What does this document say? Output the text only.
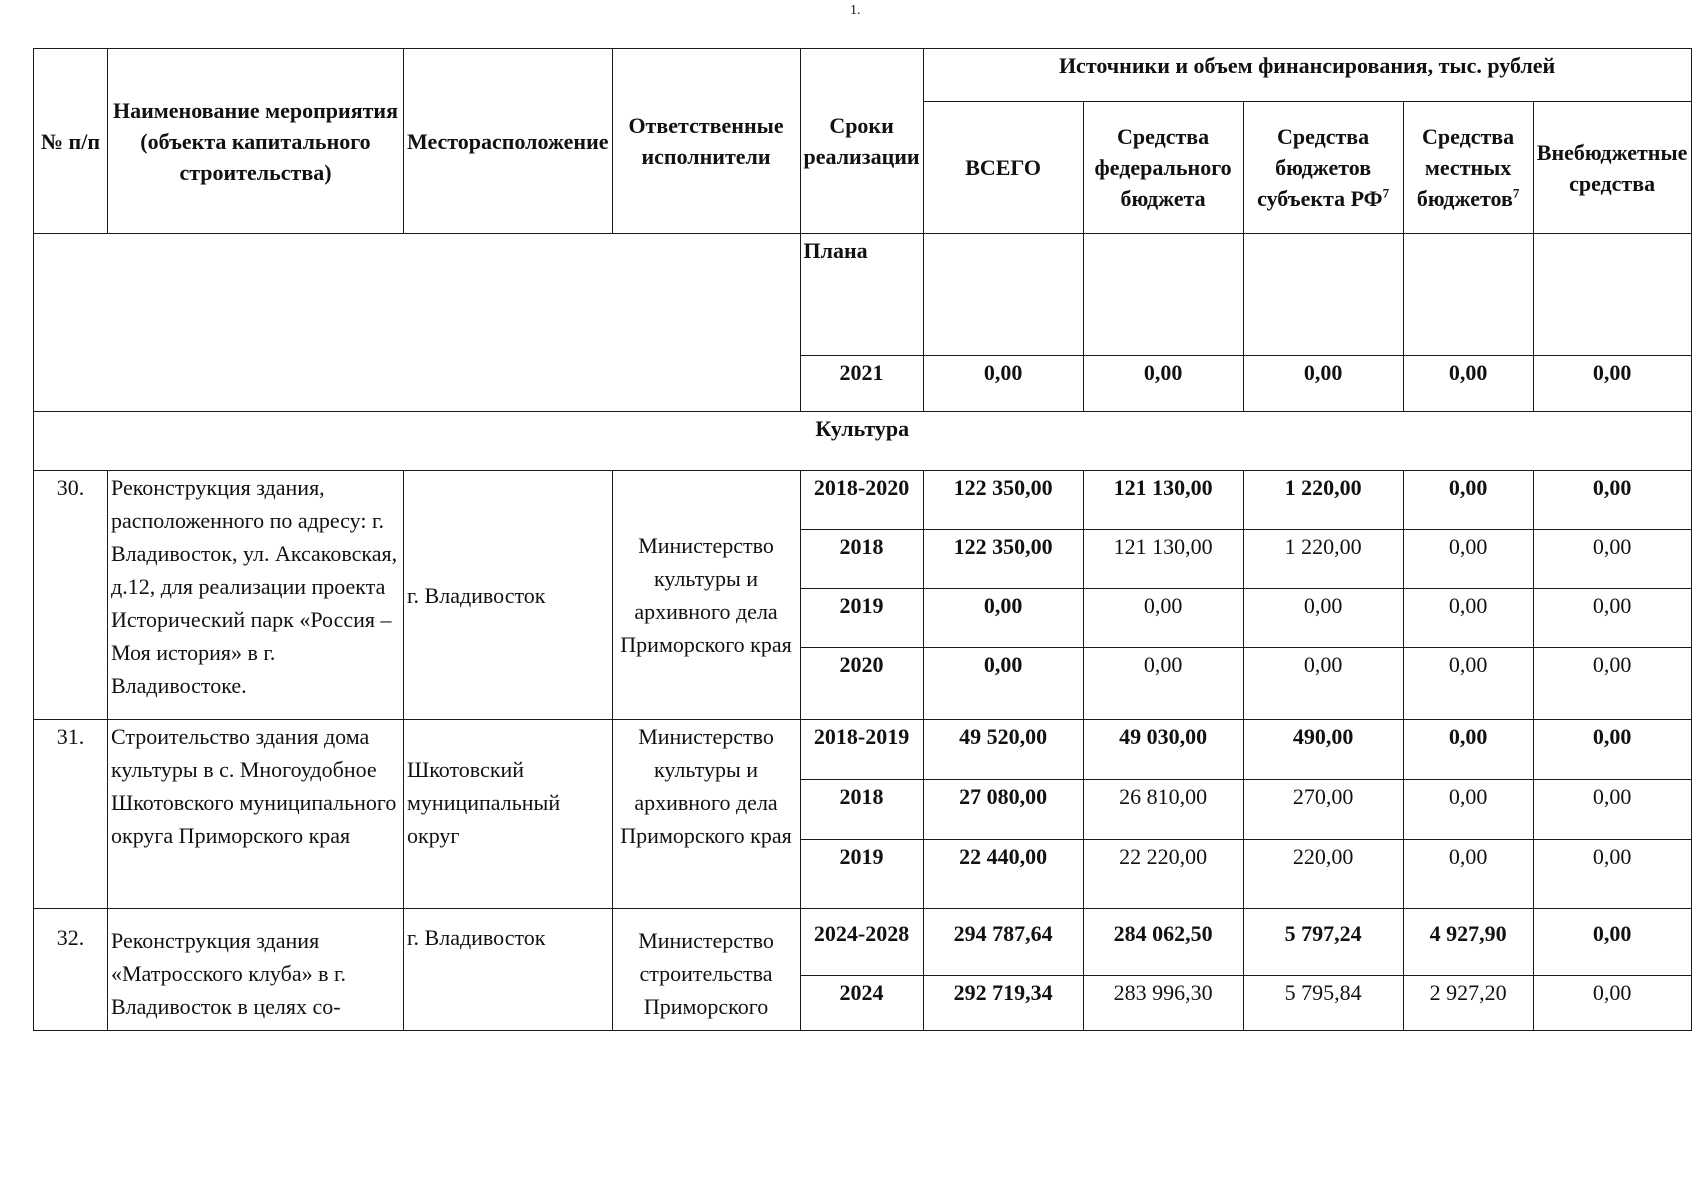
1.
№ п/п	Наименование мероприятия (объекта капитального строительства)	Месторасположение	Ответственные исполнители	Сроки реализации	Источники и объем финансирования, тыс. рублей				
					ВСЕГО	Средства федерального бюджета	Средства бюджетов субъекта $РФ^7$	Средства местных бюджетов$^7$	Внебюджетные средства
				Плана					
				2021	0,00	0,00	0,00	0,00	0,00
Культура									
30.	Реконструкция здания, расположенного по адресу: г. Владивосток, ул. Аксаковская, д.12, для реализации проекта Исторический парк «Россия – Моя история» в г. Владивостоке.	г. Владивосток	Министерство культуры и архивного дела Приморского края	2018-2020	122 350,00	121 130,00	1 220,00	0,00	0,00
				2018	122 350,00	121 130,00	1 220,00	0,00	0,00
				2019	0,00	0,00	0,00	0,00	0,00
				2020	0,00	0,00	0,00	0,00	0,00
31.	Строительство здания дома культуры в с. Многоудобное Шкотовского муниципального округа Приморского края	Шкотовский муниципальный округ	Министерство культуры и архивного дела Приморского края	2018-2019	49 520,00	49 030,00	490,00	0,00	0,00
				2018	27 080,00	26 810,00	270,00	0,00	0,00
				2019	22 440,00	22 220,00	220,00	0,00	0,00
32.	Реконструкция здания «Матросского клуба» в г. Владивосток в целях со-	г. Владивосток	Министерство строительства Приморского	2024-2028	294 787,64	284 062,50	5 797,24	4 927,90	0,00
				2024	292 719,34	283 996,30	5 795,84	2 927,20	0,00
